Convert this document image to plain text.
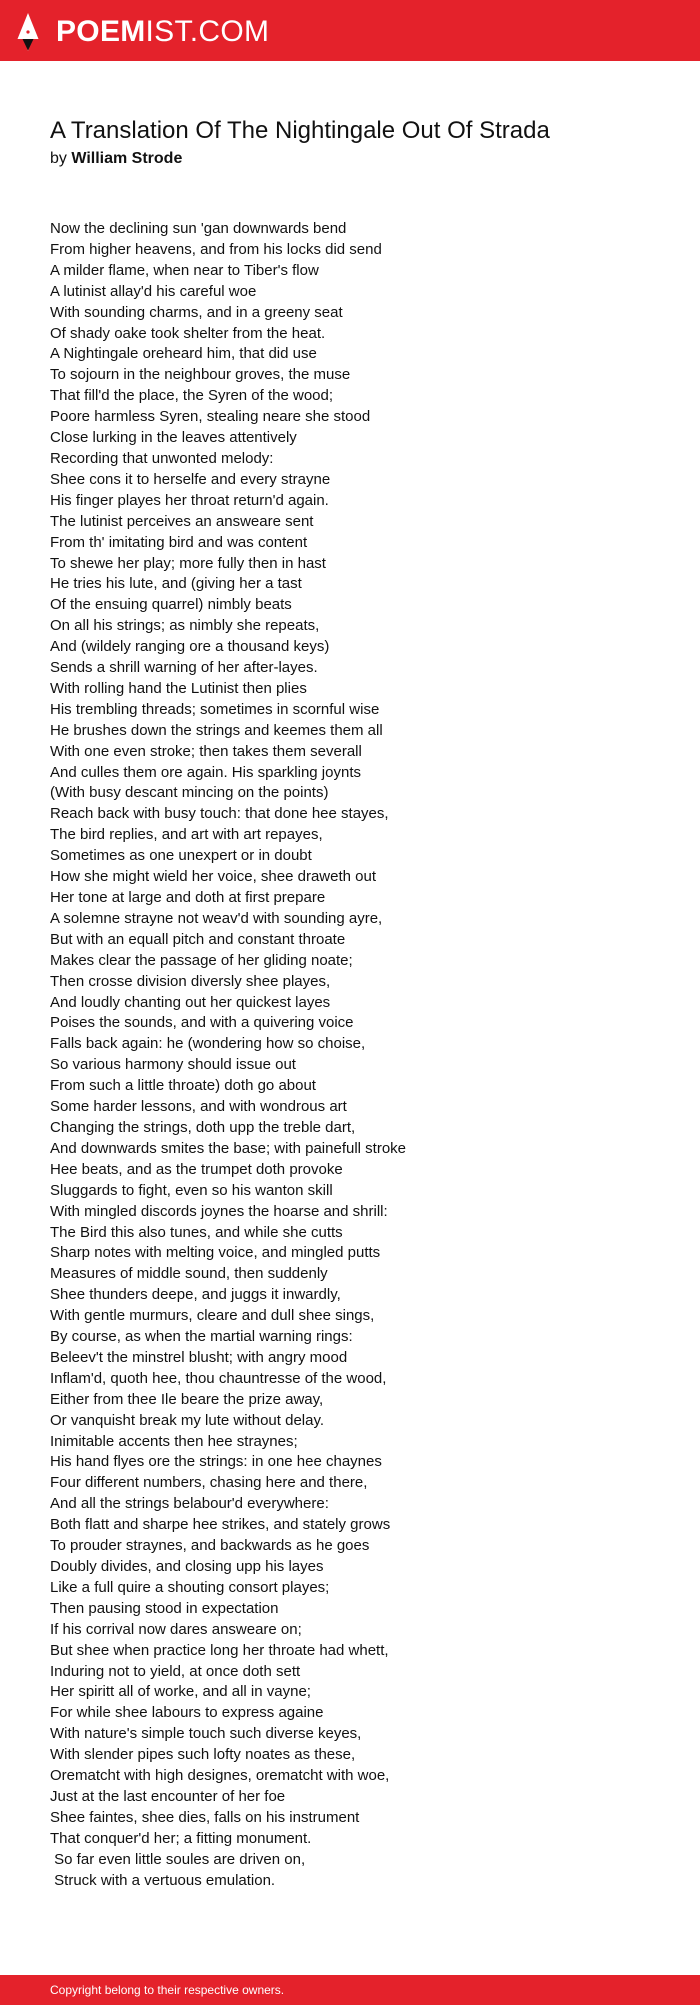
POEMIST.COM
A Translation Of The Nightingale Out Of Strada
by William Strode
Now the declining sun 'gan downwards bend
From higher heavens, and from his locks did send
A milder flame, when near to Tiber's flow
A lutinist allay'd his careful woe
With sounding charms, and in a greeny seat
Of shady oake took shelter from the heat.
A Nightingale oreheard him, that did use
To sojourn in the neighbour groves, the muse
That fill'd the place, the Syren of the wood;
Poore harmless Syren, stealing neare she stood
Close lurking in the leaves attentively
Recording that unwonted melody:
Shee cons it to herselfe and every strayne
His finger playes her throat return'd again.
The lutinist perceives an answeare sent
From th' imitating bird and was content
To shewe her play; more fully then in hast
He tries his lute, and (giving her a tast
Of the ensuing quarrel) nimbly beats
On all his strings; as nimbly she repeats,
And (wildely ranging ore a thousand keys)
Sends a shrill warning of her after-layes.
With rolling hand the Lutinist then plies
His trembling threads; sometimes in scornful wise
He brushes down the strings and keemes them all
With one even stroke; then takes them severall
And culles them ore again. His sparkling joynts
(With busy descant mincing on the points)
Reach back with busy touch: that done hee stayes,
The bird replies, and art with art repayes,
Sometimes as one unexpert or in doubt
How she might wield her voice, shee draweth out
Her tone at large and doth at first prepare
A solemne strayne not weav'd with sounding ayre,
But with an equall pitch and constant throate
Makes clear the passage of her gliding noate;
Then crosse division diversly shee playes,
And loudly chanting out her quickest layes
Poises the sounds, and with a quivering voice
Falls back again: he (wondering how so choise,
So various harmony should issue out
From such a little throate) doth go about
Some harder lessons, and with wondrous art
Changing the strings, doth upp the treble dart,
And downwards smites the base; with painefull stroke
Hee beats, and as the trumpet doth provoke
Sluggards to fight, even so his wanton skill
With mingled discords joynes the hoarse and shrill:
The Bird this also tunes, and while she cutts
Sharp notes with melting voice, and mingled putts
Measures of middle sound, then suddenly
Shee thunders deepe, and juggs it inwardly,
With gentle murmurs, cleare and dull shee sings,
By course, as when the martial warning rings:
Beleev't the minstrel blusht; with angry mood
Inflam'd, quoth hee, thou chauntresse of the wood,
Either from thee Ile beare the prize away,
Or vanquisht break my lute without delay.
Inimitable accents then hee straynes;
His hand flyes ore the strings: in one hee chaynes
Four different numbers, chasing here and there,
And all the strings belabour'd everywhere:
Both flatt and sharpe hee strikes, and stately grows
To prouder straynes, and backwards as he goes
Doubly divides, and closing upp his layes
Like a full quire a shouting consort playes;
Then pausing stood in expectation
If his corrival now dares answeare on;
But shee when practice long her throate had whett,
Induring not to yield, at once doth sett
Her spiritt all of worke, and all in vayne;
For while shee labours to express againe
With nature's simple touch such diverse keyes,
With slender pipes such lofty noates as these,
Orematcht with high designes, orematcht with woe,
Just at the last encounter of her foe
Shee faintes, shee dies, falls on his instrument
That conquer'd her; a fitting monument.
So far even little soules are driven on,
Struck with a vertuous emulation.
Copyright belong to their respective owners.
